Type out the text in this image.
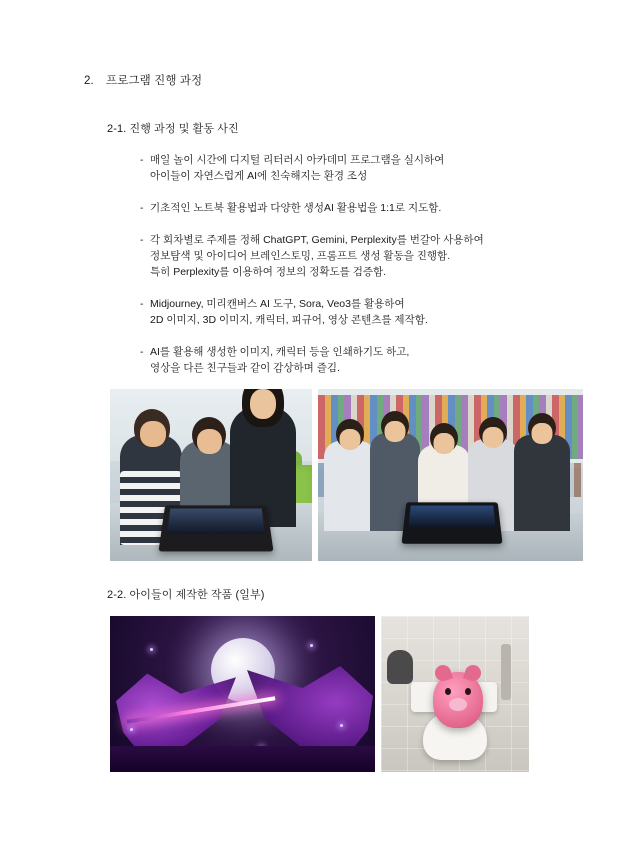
2.	프로그램 진행 과정
2-1. 진행 과정 및 활동 사진
- 매일 놀이 시간에 디지털 리터러시 아카데미 프로그램을 실시하여
아이들이 자연스럽게 AI에 친숙해지는 환경 조성
- 기초적인 노트북 활용법과 다양한 생성AI 활용법을 1:1로 지도함.
- 각 회차별로 주제를 정해 ChatGPT, Gemini, Perplexity를 번갈아 사용하여
정보탐색 및 아이디어 브레인스토밍, 프롬프트 생성 활동을 진행함.
특히 Perplexity를 이용하여 정보의 정확도를 검증함.
- Midjourney, 미리캔버스 AI 도구, Sora, Veo3를 활용하여
2D 이미지, 3D 이미지, 캐릭터, 피규어, 영상 콘텐츠를 제작함.
- AI를 활용해 생성한 이미지, 캐릭터 등을 인쇄하기도 하고,
영상을 다른 친구들과 같이 감상하며 즐김.
2-2. 아이들이 제작한 작품 (일부)
